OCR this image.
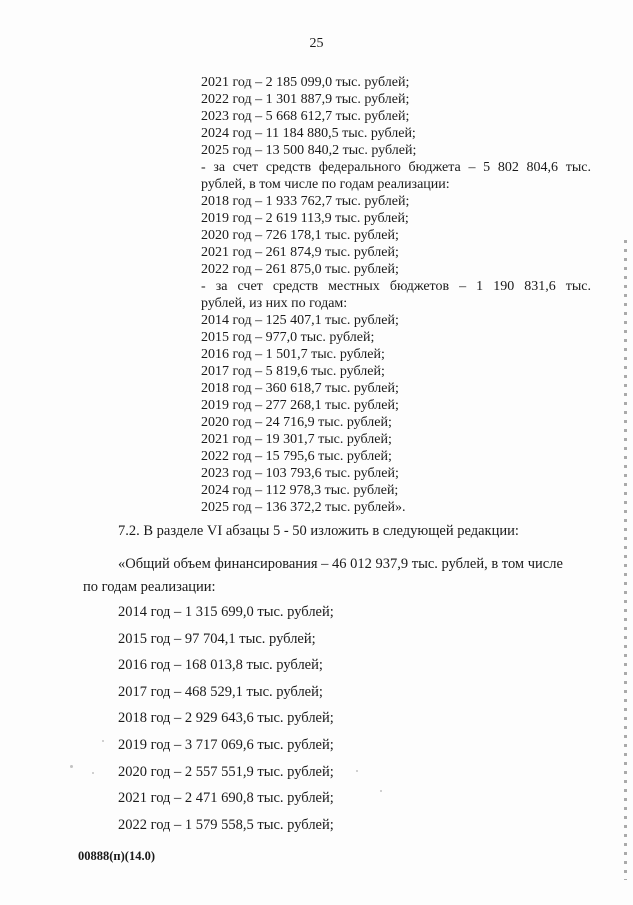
25
2021 год – 2 185 099,0 тыс. рублей;
2022 год – 1 301 887,9 тыс. рублей;
2023 год – 5 668 612,7 тыс. рублей;
2024 год – 11 184 880,5 тыс. рублей;
2025 год – 13 500 840,2 тыс. рублей;
- за счет средств федерального бюджета – 5 802 804,6 тыс.
рублей, в том числе по годам реализации:
2018 год – 1 933 762,7 тыс. рублей;
2019 год – 2 619 113,9 тыс. рублей;
2020 год – 726 178,1 тыс. рублей;
2021 год – 261 874,9 тыс. рублей;
2022 год – 261 875,0 тыс. рублей;
- за счет средств местных бюджетов – 1 190 831,6 тыс.
рублей, из них по годам:
2014 год – 125 407,1 тыс. рублей;
2015 год – 977,0 тыс. рублей;
2016 год – 1 501,7 тыс. рублей;
2017 год – 5 819,6 тыс. рублей;
2018 год – 360 618,7 тыс. рублей;
2019 год – 277 268,1 тыс. рублей;
2020 год – 24 716,9 тыс. рублей;
2021 год – 19 301,7 тыс. рублей;
2022 год – 15 795,6 тыс. рублей;
2023 год – 103 793,6 тыс. рублей;
2024 год – 112 978,3 тыс. рублей;
2025 год – 136 372,2 тыс. рублей».
7.2. В разделе VI абзацы 5 - 50 изложить в следующей редакции:
«Общий объем финансирования – 46 012 937,9 тыс. рублей, в том числе
по годам реализации:
2014 год – 1 315 699,0 тыс. рублей;
2015 год – 97 704,1 тыс. рублей;
2016 год – 168 013,8 тыс. рублей;
2017 год – 468 529,1 тыс. рублей;
2018 год – 2 929 643,6 тыс. рублей;
2019 год – 3 717 069,6 тыс. рублей;
2020 год – 2 557 551,9 тыс. рублей;
2021 год – 2 471 690,8 тыс. рублей;
2022 год – 1 579 558,5 тыс. рублей;
00888(п)(14.0)
